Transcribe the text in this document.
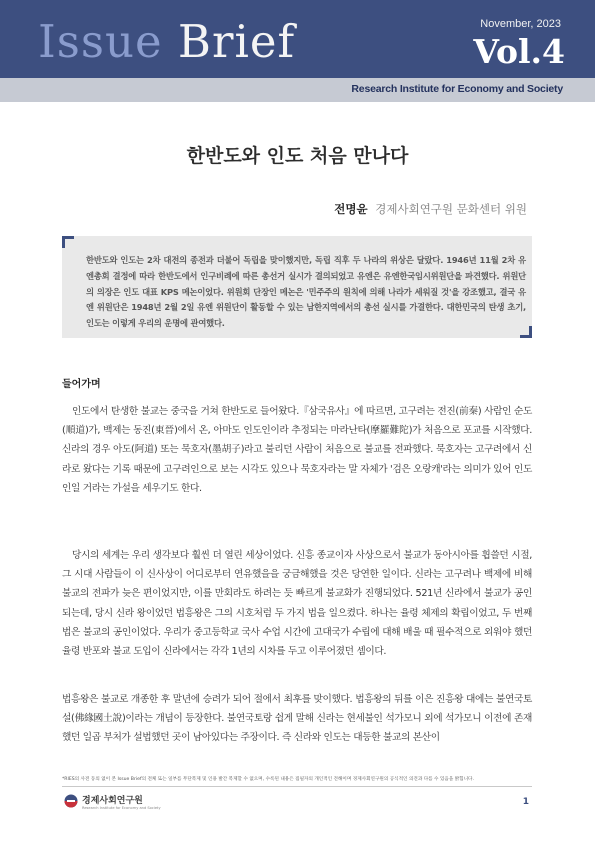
Issue Brief	November, 2023
Vol.4
Research Institute for Economy and Society
한반도와 인도 처음 만나다
전명윤 경제사회연구원 문화센터 위원
한반도와 인도는 2차 대전의 종전과 더불어 독립을 맞이했지만, 독립 직후 두 나라의 위상은 달랐다. 1946년 11월 2차 유엔총회 결정에 따라 한반도에서 인구비례에 따른 총선거 실시가 결의되었고 유엔은 유엔한국임시위원단을 파견했다. 위원단의 의장은 인도 대표 KPS 메논이었다. 위원회 단장인 메논은 '민주주의 원칙에 의해 나라가 세워질 것'을 강조했고, 결국 유엔 위원단은 1948년 2월 2일 유엔 위원단이 활동할 수 있는 남한지역에서의 총선 실시를 가결한다. 대한민국의 탄생 초기, 인도는 이렇게 우리의 운명에 관여했다.
들어가며

인도에서 탄생한 불교는 중국을 거쳐 한반도로 들어왔다.『삼국유사』에 따르면, 고구려는 전진(前秦) 사람인 순도(順道)가, 백제는 동진(東晉)에서 온, 아마도 인도인이라 추정되는 마라난타(摩羅難陀)가 처음으로 포교를 시작했다. 신라의 경우 아도(阿道) 또는 묵호자(墨胡子)라고 불리던 사람이 처음으로 불교를 전파했다. 묵호자는 고구려에서 신라로 왔다는 기록 때문에 고구려인으로 보는 시각도 있으나 묵호자라는 말 자체가 '검은 오랑캐'라는 의미가 있어 인도인일 거라는 가설을 세우기도 한다.

당시의 세계는 우리 생각보다 훨씬 더 열린 세상이었다. 신흥 종교이자 사상으로서 불교가 동아시아를 휩쓸던 시절, 그 시대 사람들이 이 신사상이 어디로부터 연유했을을 궁금해했을 것은 당연한 일이다. 신라는 고구려나 백제에 비해 불교의 전파가 늦은 편이었지만, 이를 만회라도 하려는 듯 빠르게 불교화가 진행되었다. 521년 신라에서 불교가 공인되는데, 당시 신라 왕이었던 법흥왕은 그의 시호처럼 두 가지 법을 일으켰다. 하나는 율령 체제의 확립이었고, 두 번째 법은 불교의 공인이었다. 우리가 중고등학교 국사 수업 시간에 고대국가 수립에 대해 배울 때 필수적으로 외워야 했던 율령 반포와 불교 도입이 신라에서는 각각 1년의 시차를 두고 이루어졌던 셈이다.

법흥왕은 불교로 개종한 후 말년에 승려가 되어 절에서 최후를 맞이했다. 법흥왕의 뒤를 이은 진흥왕 대에는 불연국토설(佛緣國土說)이라는 개념이 등장한다. 불연국토랑 쉽게 말해 신라는 현세불인 석가모니 외에 석가모니 이전에 존재했던 일곱 부처가 설법했던 곳이 남아있다는 주장이다. 즉 신라와 인도는 대등한 불교의 본산이

*RIES의 사전 동의 없이 본 Issue Brief의 전체 또는 일부를 무단복제 및 인용 발간 복제할 수 없으며, 수록된 내용은 집필자의 개인적인 견해이며 경제사회연구원의 공식적인 의견과 다를 수 있음을 밝힙니다.
경제사회연구원
Research Institute for Economy and Society
1
